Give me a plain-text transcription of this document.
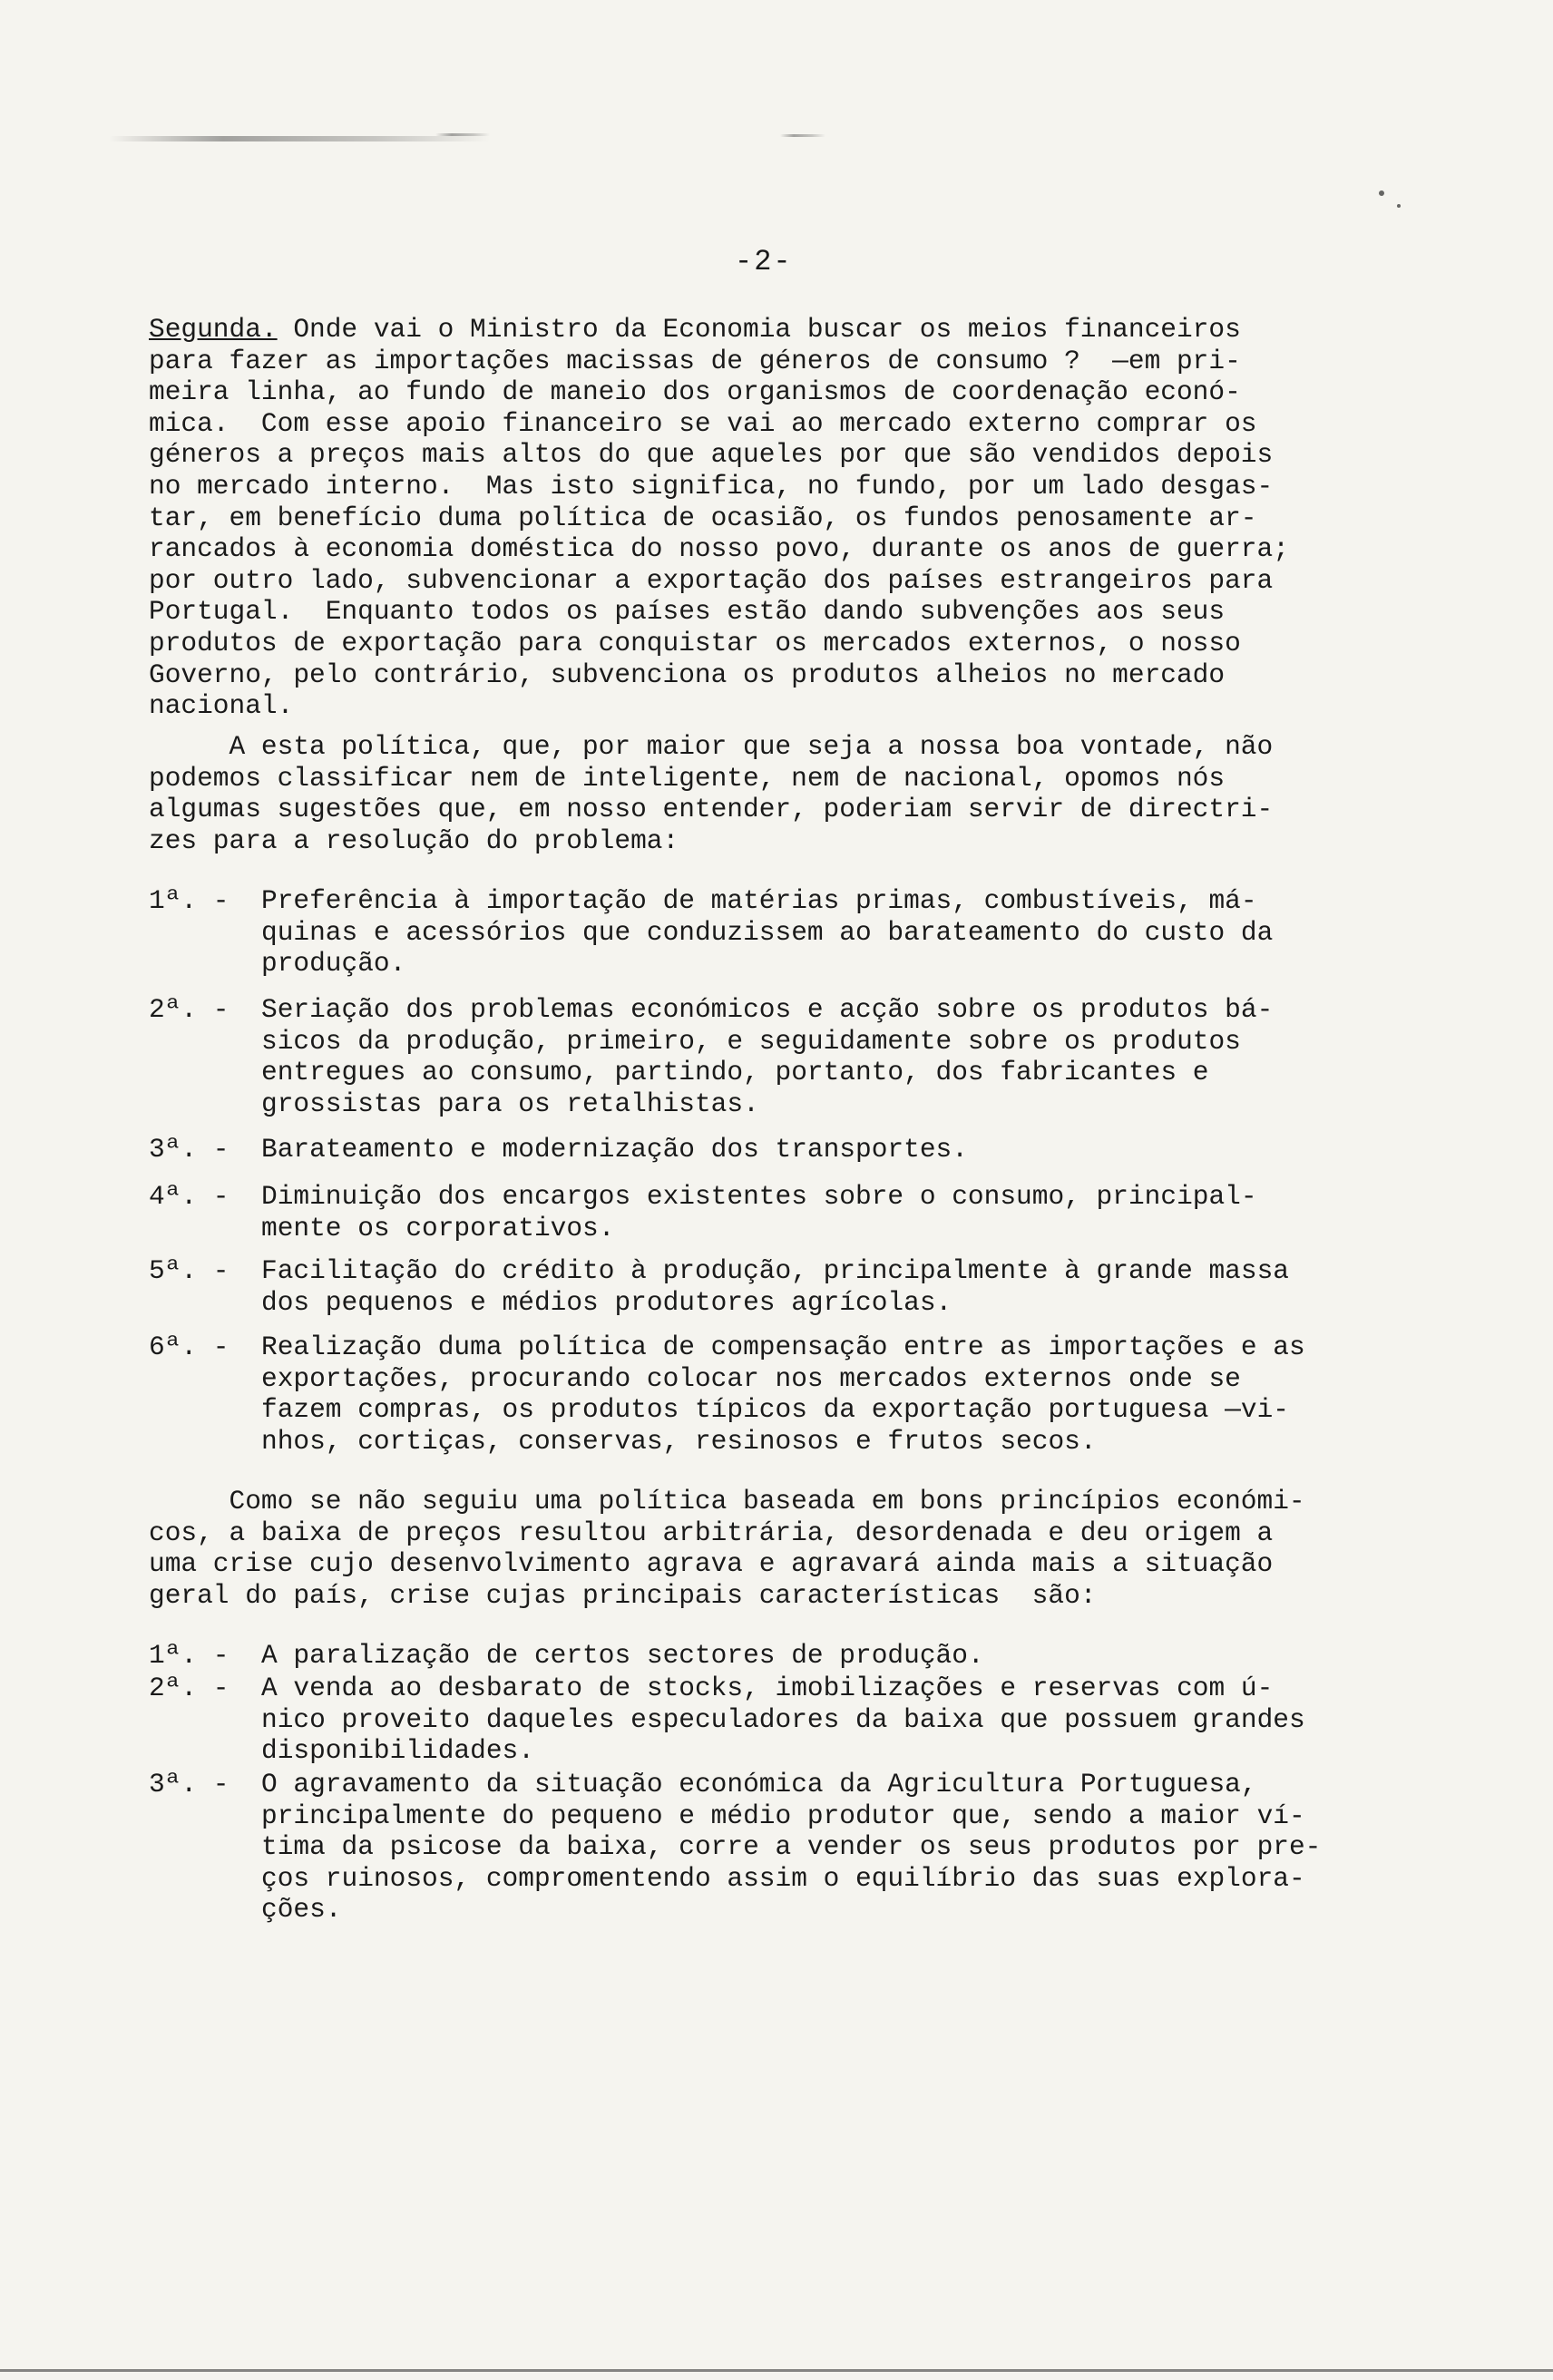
-2-
Segunda. Onde vai o Ministro da Economia buscar os meios financeiros
para fazer as importações macissas de géneros de consumo ?  —em pri-
meira linha, ao fundo de maneio dos organismos de coordenação econó-
mica.  Com esse apoio financeiro se vai ao mercado externo comprar os
géneros a preços mais altos do que aqueles por que são vendidos depois
no mercado interno.  Mas isto significa, no fundo, por um lado desgas-
tar, em benefício duma política de ocasião, os fundos penosamente ar-
rancados à economia doméstica do nosso povo, durante os anos de guerra;
por outro lado, subvencionar a exportação dos países estrangeiros para
Portugal.  Enquanto todos os países estão dando subvenções aos seus
produtos de exportação para conquistar os mercados externos, o nosso
Governo, pelo contrário, subvenciona os produtos alheios no mercado
nacional.
A esta política, que, por maior que seja a nossa boa vontade, não
podemos classificar nem de inteligente, nem de nacional, opomos nós
algumas sugestões que, em nosso entender, poderiam servir de directri-
zes para a resolução do problema:
1ª. - Preferência à importação de matérias primas, combustíveis, má-
quinas e acessórios que conduzissem ao barateamento do custo da
produção.
2ª. - Seriação dos problemas económicos e acção sobre os produtos bá-
sicos da produção, primeiro, e seguidamente sobre os produtos
entregues ao consumo, partindo, portanto, dos fabricantes e
grossistas para os retalhistas.
3ª. - Barateamento e modernização dos transportes.
4ª. - Diminuição dos encargos existentes sobre o consumo, principal-
mente os corporativos.
5ª. - Facilitação do crédito à produção, principalmente à grande massa
dos pequenos e médios produtores agrícolas.
6ª. - Realização duma política de compensação entre as importações e as
exportações, procurando colocar nos mercados externos onde se
fazem compras, os produtos típicos da exportação portuguesa —vi-
nhos, cortiças, conservas, resinosos e frutos secos.
Como se não seguiu uma política baseada em bons princípios económi-
cos, a baixa de preços resultou arbitrária, desordenada e deu origem a
uma crise cujo desenvolvimento agrava e agravará ainda mais a situação
geral do país, crise cujas principais características  são:
1ª. - A paralização de certos sectores de produção.
2ª. - A venda ao desbarato de stocks, imobilizações e reservas com ú-
nico proveito daqueles especuladores da baixa que possuem grandes
disponibilidades.
3ª. - O agravamento da situação económica da Agricultura Portuguesa,
principalmente do pequeno e médio produtor que, sendo a maior ví-
tima da psicose da baixa, corre a vender os seus produtos por pre-
ços ruinosos, compromentendo assim o equilíbrio das suas explora-
ções.
